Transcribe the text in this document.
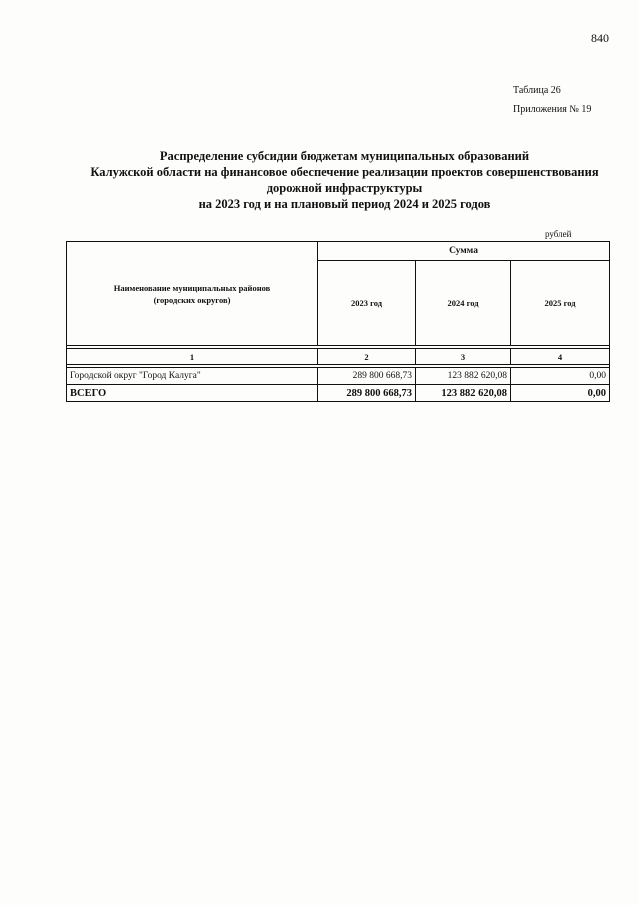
840
Таблица 26
Приложения № 19
Распределение субсидии бюджетам муниципальных образований
Калужской области на финансовое обеспечение реализации проектов совершенствования
дорожной инфраструктуры
на 2023 год и на плановый период 2024 и 2025 годов
рублей
Наименование муниципальных районов
(городских округов)	Сумма		
	2023 год	2024 год	2025 год

1	2	3	4

Городской округ "Город Калуга"	289 800 668,73	123 882 620,08	0,00
ВСЕГО	289 800 668,73	123 882 620,08	0,00
